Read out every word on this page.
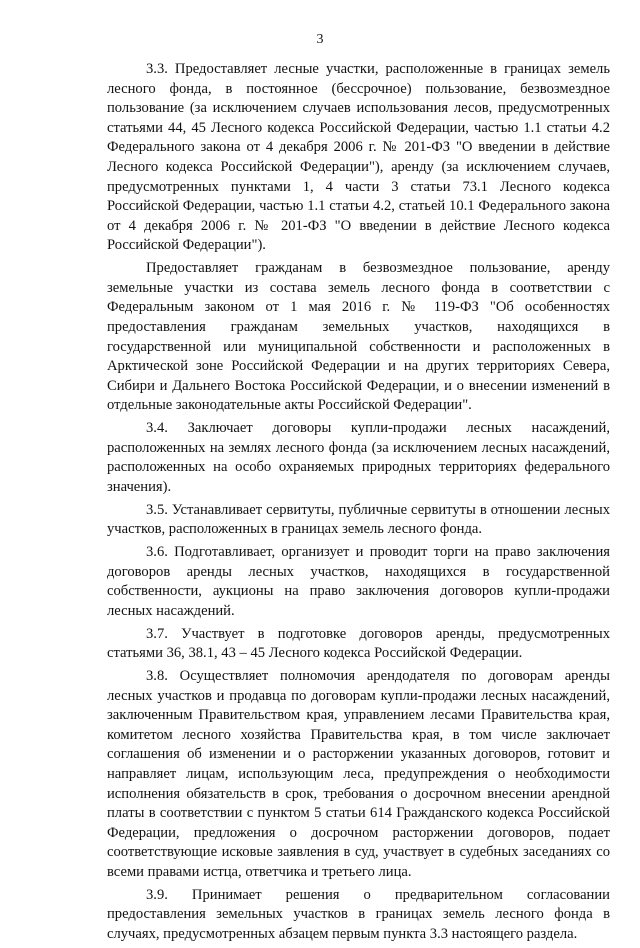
3

3.3. Предоставляет лесные участки, расположенные в границах земель лесного фонда, в постоянное (бессрочное) пользование, безвозмездное пользование (за исключением случаев использования лесов, предусмотренных статьями 44, 45 Лесного кодекса Российской Федерации, частью 1.1 статьи 4.2 Федерального закона от 4 декабря 2006 г. № 201-ФЗ "О введении в действие Лесного кодекса Российской Федерации"), аренду (за исключением случаев, предусмотренных пунктами 1, 4 части 3 статьи 73.1 Лесного кодекса Российской Федерации, частью 1.1 статьи 4.2, статьей 10.1 Федерального закона от 4 декабря 2006 г. № 201-ФЗ "О введении в действие Лесного кодекса Российской Федерации").

Предоставляет гражданам в безвозмездное пользование, аренду земельные участки из состава земель лесного фонда в соответствии с Федеральным законом от 1 мая 2016 г. № 119-ФЗ "Об особенностях предоставления гражданам земельных участков, находящихся в государственной или муниципальной собственности и расположенных в Арктической зоне Российской Федерации и на других территориях Севера, Сибири и Дальнего Востока Российской Федерации, и о внесении изменений в отдельные законодательные акты Российской Федерации".

3.4. Заключает договоры купли-продажи лесных насаждений, расположенных на землях лесного фонда (за исключением лесных насаждений, расположенных на особо охраняемых природных территориях федерального значения).

3.5. Устанавливает сервитуты, публичные сервитуты в отношении лесных участков, расположенных в границах земель лесного фонда.

3.6. Подготавливает, организует и проводит торги на право заключения договоров аренды лесных участков, находящихся в государственной собственности, аукционы на право заключения договоров купли-продажи лесных насаждений.

3.7. Участвует в подготовке договоров аренды, предусмотренных статьями 36, 38.1, 43 – 45 Лесного кодекса Российской Федерации.

3.8. Осуществляет полномочия арендодателя по договорам аренды лесных участков и продавца по договорам купли-продажи лесных насаждений, заключенным Правительством края, управлением лесами Правительства края, комитетом лесного хозяйства Правительства края, в том числе заключает соглашения об изменении и о расторжении указанных договоров, готовит и направляет лицам, использующим леса, предупреждения о необходимости исполнения обязательств в срок, требования о досрочном внесении арендной платы в соответствии с пунктом 5 статьи 614 Гражданского кодекса Российской Федерации, предложения о досрочном расторжении договоров, подает соответствующие исковые заявления в суд, участвует в судебных заседаниях со всеми правами истца, ответчика и третьего лица.

3.9. Принимает решения о предварительном согласовании предоставления земельных участков в границах земель лесного фонда в случаях, предусмотренных абзацем первым пункта 3.3 настоящего раздела.
